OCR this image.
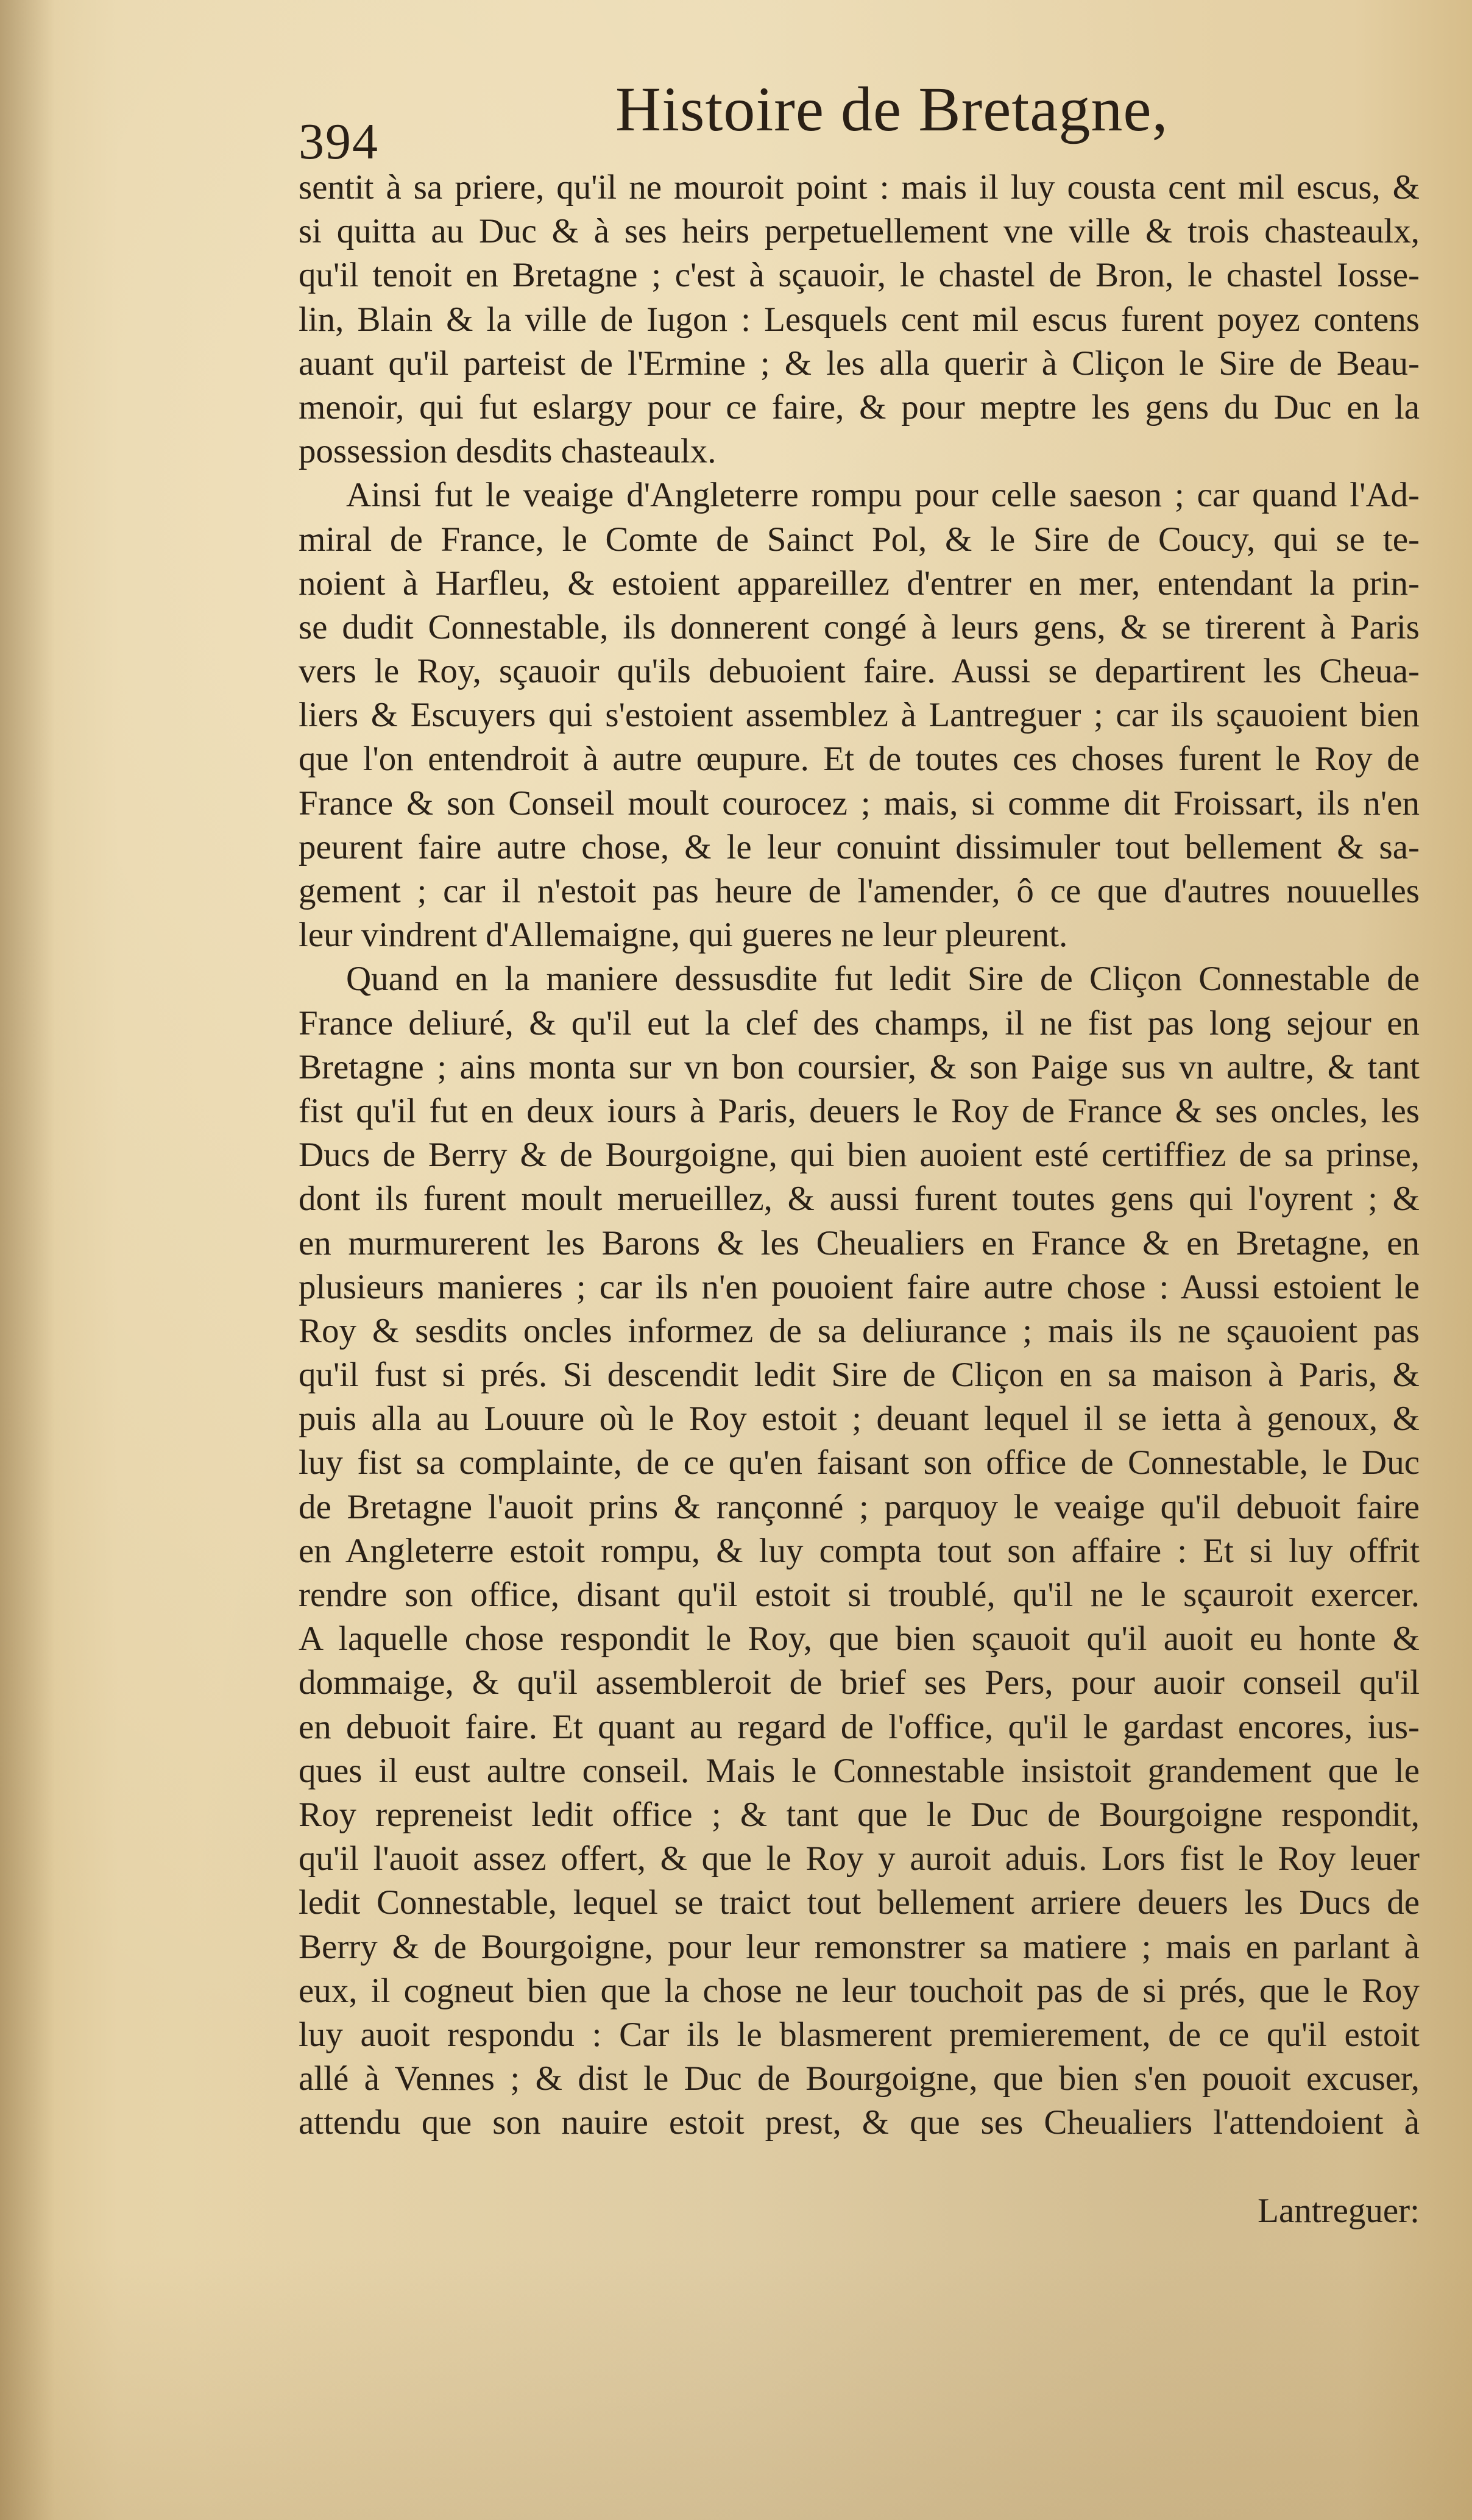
394	Histoire de Bretagne,
sentit à sa priere, qu'il ne mouroit point : mais il luy cousta cent mil escus, &
si quitta au Duc & à ses heirs perpetuellement vne ville & trois chasteaulx,
qu'il tenoit en Bretagne ; c'est à sçauoir, le chastel de Bron, le chastel Iosse-
lin, Blain & la ville de Iugon : Lesquels cent mil escus furent poyez contens
auant qu'il parteist de l'Ermine ; & les alla querir à Cliçon le Sire de Beau-
menoir, qui fut eslargy pour ce faire, & pour meptre les gens du Duc en la
possession desdits chasteaulx.
Ainsi fut le veaige d'Angleterre rompu pour celle saeson ; car quand l'Ad-
miral de France, le Comte de Sainct Pol, & le Sire de Coucy, qui se te-
noient à Harfleu, & estoient appareillez d'entrer en mer, entendant la prin-
se dudit Connestable, ils donnerent congé à leurs gens, & se tirerent à Paris
vers le Roy, sçauoir qu'ils debuoient faire. Aussi se departirent les Cheua-
liers & Escuyers qui s'estoient assemblez à Lantreguer ; car ils sçauoient bien
que l'on entendroit à autre œupure. Et de toutes ces choses furent le Roy de
France & son Conseil moult courocez ; mais, si comme dit Froissart, ils n'en
peurent faire autre chose, & le leur conuint dissimuler tout bellement & sa-
gement ; car il n'estoit pas heure de l'amender, ô ce que d'autres nouuelles
leur vindrent d'Allemaigne, qui gueres ne leur pleurent.
Quand en la maniere dessusdite fut ledit Sire de Cliçon Connestable de
France deliuré, & qu'il eut la clef des champs, il ne fist pas long sejour en
Bretagne ; ains monta sur vn bon coursier, & son Paige sus vn aultre, & tant
fist qu'il fut en deux iours à Paris, deuers le Roy de France & ses oncles, les
Ducs de Berry & de Bourgoigne, qui bien auoient esté certiffiez de sa prinse,
dont ils furent moult merueillez, & aussi furent toutes gens qui l'oyrent ; &
en murmurerent les Barons & les Cheualiers en France & en Bretagne, en
plusieurs manieres ; car ils n'en pouoient faire autre chose : Aussi estoient le
Roy & sesdits oncles informez de sa deliurance ; mais ils ne sçauoient pas
qu'il fust si prés. Si descendit ledit Sire de Cliçon en sa maison à Paris, &
puis alla au Louure où le Roy estoit ; deuant lequel il se ietta à genoux, &
luy fist sa complainte, de ce qu'en faisant son office de Connestable, le Duc
de Bretagne l'auoit prins & rançonné ; parquoy le veaige qu'il debuoit faire
en Angleterre estoit rompu, & luy compta tout son affaire : Et si luy offrit
rendre son office, disant qu'il estoit si troublé, qu'il ne le sçauroit exercer.
A laquelle chose respondit le Roy, que bien sçauoit qu'il auoit eu honte &
dommaige, & qu'il assembleroit de brief ses Pers, pour auoir conseil qu'il
en debuoit faire. Et quant au regard de l'office, qu'il le gardast encores, ius-
ques il eust aultre conseil. Mais le Connestable insistoit grandement que le
Roy repreneist ledit office ; & tant que le Duc de Bourgoigne respondit,
qu'il l'auoit assez offert, & que le Roy y auroit aduis. Lors fist le Roy leuer
ledit Connestable, lequel se traict tout bellement arriere deuers les Ducs de
Berry & de Bourgoigne, pour leur remonstrer sa matiere ; mais en parlant à
eux, il cogneut bien que la chose ne leur touchoit pas de si prés, que le Roy
luy auoit respondu : Car ils le blasmerent premierement, de ce qu'il estoit
allé à Vennes ; & dist le Duc de Bourgoigne, que bien s'en pouoit excuser,
attendu que son nauire estoit prest, & que ses Cheualiers l'attendoient à
Lantreguer:
